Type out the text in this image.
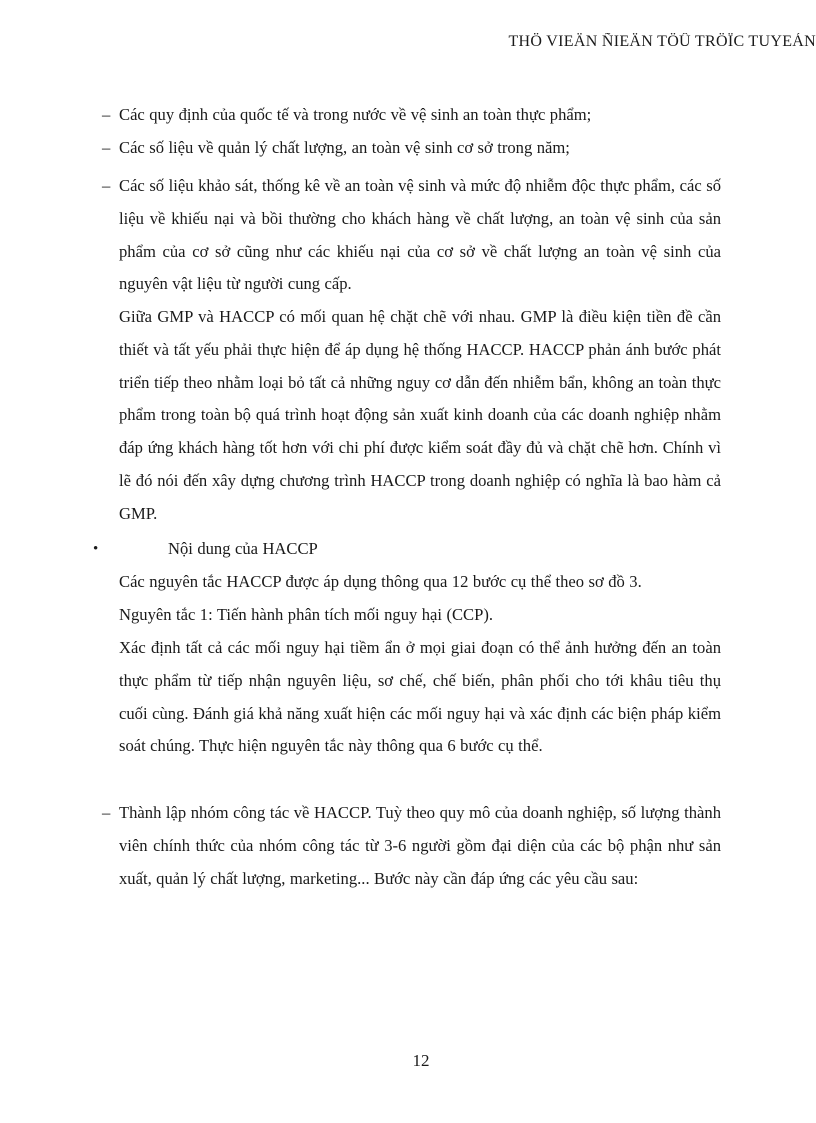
THÖ VIEÄN ÑIEÄN TÖÛ TRÖÏC TUYEÁN
– Các quy định của quốc tế và trong nước về vệ sinh an toàn thực phẩm;

– Các số liệu về quản lý chất lượng, an toàn vệ sinh cơ sở trong năm;

– Các số liệu khảo sát, thống kê về an toàn vệ sinh và mức độ nhiễm độc thực phẩm, các số liệu về khiếu nại và bồi thường cho khách hàng về chất lượng, an toàn vệ sinh của sản phẩm của cơ sở cũng như các khiếu nại của cơ sở về chất lượng an toàn vệ sinh của nguyên vật liệu từ người cung cấp.

Giữa GMP và HACCP có mối quan hệ chặt chẽ với nhau. GMP là điều kiện tiền đề cần thiết và tất yếu phải thực hiện để áp dụng hệ thống HACCP. HACCP phản ánh bước phát triển tiếp theo nhằm loại bỏ tất cả những nguy cơ dẫn đến nhiễm bẩn, không an toàn thực phẩm trong toàn bộ quá trình hoạt động sản xuất kinh doanh của các doanh nghiệp nhằm đáp ứng khách hàng tốt hơn với chi phí được kiểm soát đầy đủ và chặt chẽ hơn. Chính vì lẽ đó nói đến xây dựng chương trình HACCP trong doanh nghiệp có nghĩa là bao hàm cả GMP.

•	Nội dung của HACCP

Các nguyên tắc HACCP được áp dụng thông qua 12 bước cụ thể theo sơ đồ 3.

Nguyên tắc 1: Tiến hành phân tích mối nguy hại (CCP).

Xác định tất cả các mối nguy hại tiềm ẩn ở mọi giai đoạn có thể ảnh hưởng đến an toàn thực phẩm từ tiếp nhận nguyên liệu, sơ chế, chế biến, phân phối cho tới khâu tiêu thụ cuối cùng. Đánh giá khả năng xuất hiện các mối nguy hại và xác định các biện pháp kiểm soát chúng. Thực hiện nguyên tắc này thông qua 6 bước cụ thể.

– Thành lập nhóm công tác về HACCP. Tuỳ theo quy mô của doanh nghiệp, số lượng thành viên chính thức của nhóm công tác từ 3-6 người gồm đại diện của các bộ phận như sản xuất, quản lý chất lượng, marketing... Bước này cần đáp ứng các yêu cầu sau:

12
